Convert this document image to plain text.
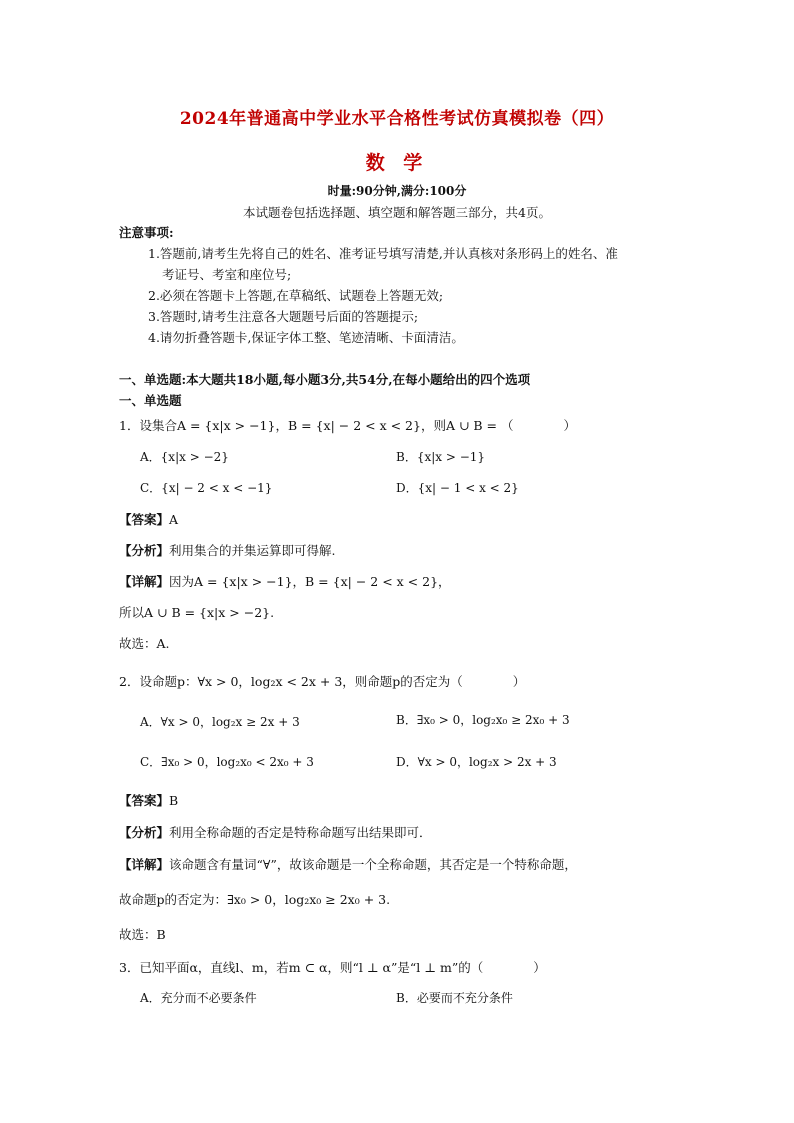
2024年普通高中学业水平合格性考试仿真模拟卷（四）
数 学
时量:90分钟,满分:100分
本试题卷包括选择题、填空题和解答题三部分，共4页。
注意事项:
1.答题前,请考生先将自己的姓名、准考证号填写清楚,并认真核对条形码上的姓名、准
考证号、考室和座位号;
2.必须在答题卡上答题,在草稿纸、试题卷上答题无效;
3.答题时,请考生注意各大题题号后面的答题提示;
4.请勿折叠答题卡,保证字体工整、笔迹清晰、卡面清洁。
一、单选题:本大题共18小题,每小题3分,共54分,在每小题给出的四个选项
一、单选题
1．设集合A = {x|x > −1}，B = {x| − 2 < x < 2}，则A ∪ B = （　　　　）
A．{x|x > −2}	B．{x|x > −1}
C．{x| − 2 < x < −1}	D．{x| − 1 < x < 2}
【答案】A
【分析】利用集合的并集运算即可得解.
【详解】因为A = {x|x > −1}，B = {x| − 2 < x < 2}，
所以A ∪ B = {x|x > −2}.
故选：A.
2．设命题p：∀x > 0，log₂x < 2x + 3，则命题p的否定为（　　　　）
A．∀x > 0，log₂x ≥ 2x + 3	B．∃x₀ > 0，log₂x₀ ≥ 2x₀ + 3
C．∃x₀ > 0，log₂x₀ < 2x₀ + 3	D．∀x > 0，log₂x > 2x + 3
【答案】B
【分析】利用全称命题的否定是特称命题写出结果即可．
【详解】该命题含有量词“∀”，故该命题是一个全称命题，其否定是一个特称命题，
故命题p的否定为：∃x₀ > 0，log₂x₀ ≥ 2x₀ + 3.
故选：B
3．已知平面α，直线l、m，若m ⊂ α，则“l ⊥ α”是“l ⊥ m”的（　　　　）
A．充分而不必要条件	B．必要而不充分条件
